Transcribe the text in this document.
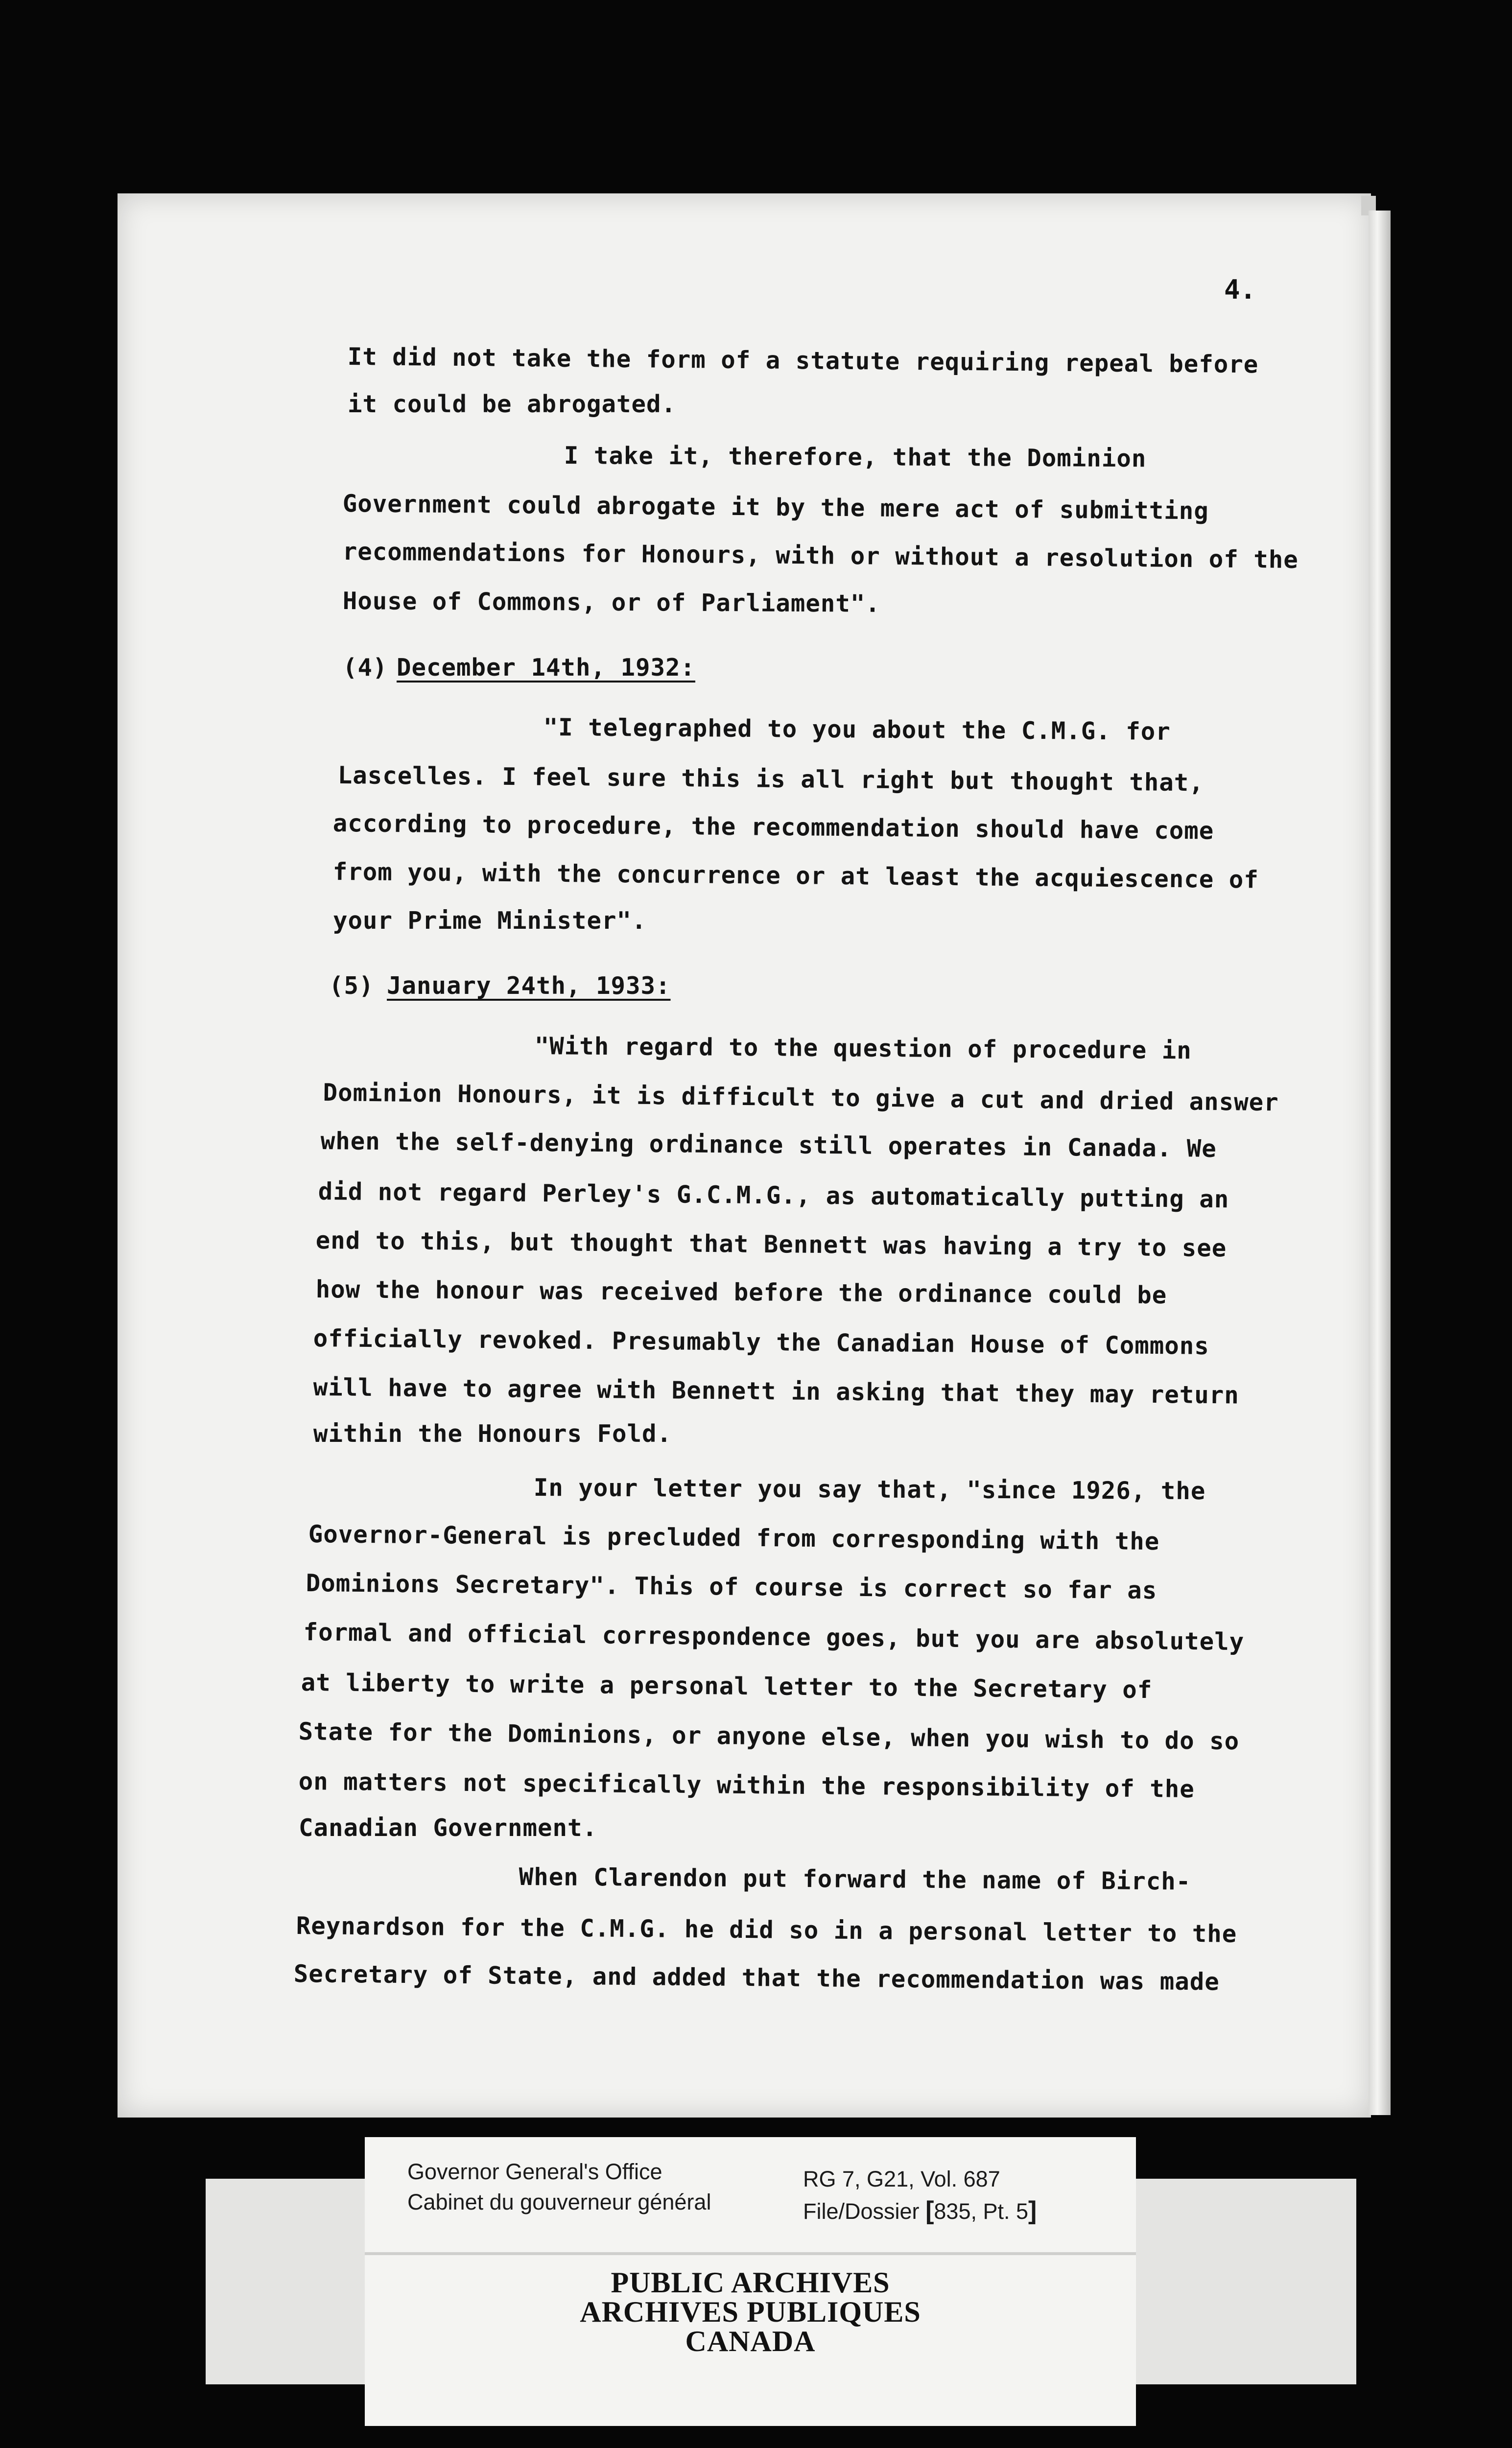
4.
It did not take the form of a statute requiring repeal before
it could be abrogated.
I take it, therefore, that the Dominion
Government could abrogate it by the mere act of submitting
recommendations for Honours, with or without a resolution of the
House of Commons, or of Parliament".
(4) December 14th, 1932:
"I telegraphed to you about the C.M.G. for
Lascelles. I feel sure this is all right but thought that,
according to procedure, the recommendation should have come
from you, with the concurrence or at least the acquiescence of
your Prime Minister".
(5) January 24th, 1933:
"With regard to the question of procedure in
Dominion Honours, it is difficult to give a cut and dried answer
when the self-denying ordinance still operates in Canada. We
did not regard Perley's G.C.M.G., as automatically putting an
end to this, but thought that Bennett was having a try to see
how the honour was received before the ordinance could be
officially revoked. Presumably the Canadian House of Commons
will have to agree with Bennett in asking that they may return
within the Honours Fold.
In your letter you say that, "since 1926, the
Governor-General is precluded from corresponding with the
Dominions Secretary". This of course is correct so far as
formal and official correspondence goes, but you are absolutely
at liberty to write a personal letter to the Secretary of
State for the Dominions, or anyone else, when you wish to do so
on matters not specifically within the responsibility of the
Canadian Government.
When Clarendon put forward the name of Birch-
Reynardson for the C.M.G. he did so in a personal letter to the
Secretary of State, and added that the recommendation was made
Governor General's Office
Cabinet du gouverneur général
RG 7, G21, Vol. 687
File/Dossier [835, Pt. 5]
PUBLIC ARCHIVES
ARCHIVES PUBLIQUES
CANADA
